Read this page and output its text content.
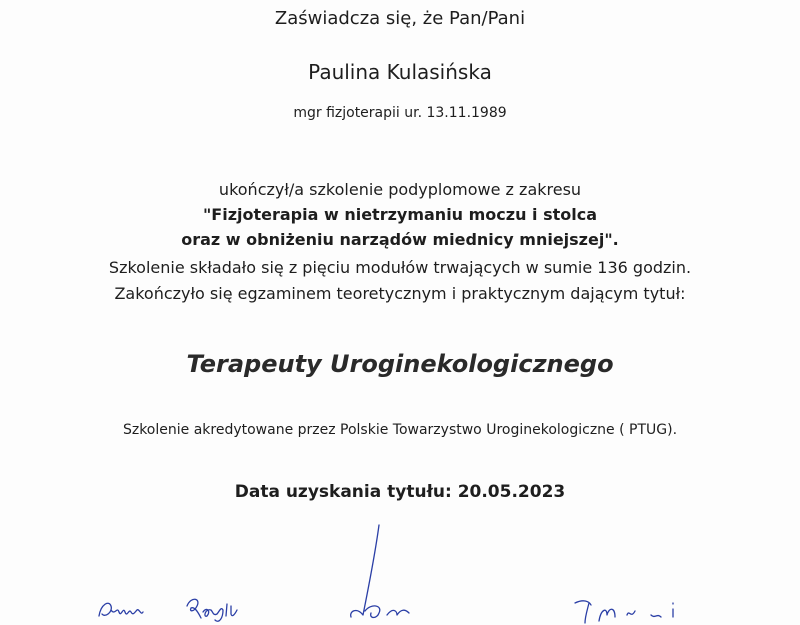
Zaświadcza się, że Pan/Pani
Paulina Kulasińska
mgr fizjoterapii ur. 13.11.1989
ukończył/a szkolenie podyplomowe z zakresu
"Fizjoterapia w nietrzymaniu moczu i stolca
oraz w obniżeniu narządów miednicy mniejszej".
Szkolenie składało się z pięciu modułów trwających w sumie 136 godzin.
Zakończyło się egzaminem teoretycznym i praktycznym dającym tytuł:
Terapeuty Uroginekologicznego
Szkolenie akredytowane przez Polskie Towarzystwo Uroginekologiczne ( PTUG).
Data uzyskania tytułu: 20.05.2023
